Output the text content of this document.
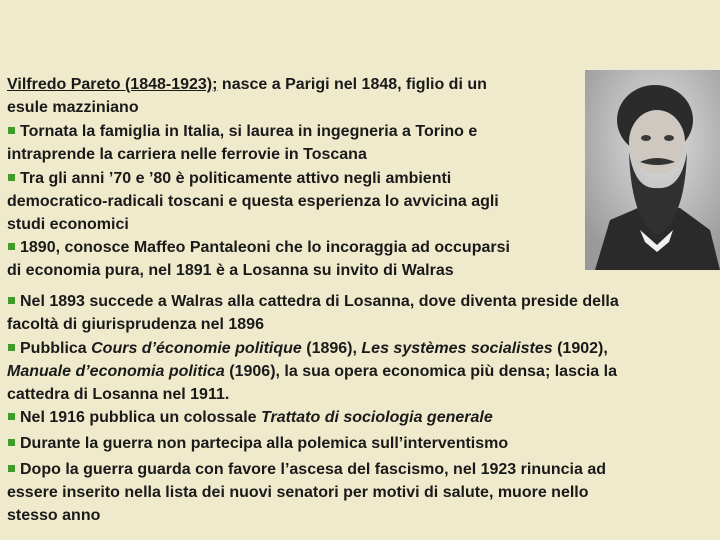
Vilfredo Pareto (1848-1923); nasce a Parigi nel 1848, figlio di un
esule mazziniano

Tornata la famiglia in Italia, si laurea in ingegneria a Torino e
intraprende la carriera nelle ferrovie in Toscana

Tra gli anni ’70 e ’80 è politicamente attivo negli ambienti
democratico-radicali toscani e questa esperienza lo avvicina agli
studi economici

1890, conosce Maffeo Pantaleoni che lo incoraggia ad occuparsi
di economia pura, nel 1891 è a Losanna su invito di Walras

Nel 1893 succede a Walras alla cattedra di Losanna, dove diventa preside della
facoltà di giurisprudenza nel 1896

Pubblica Cours d’économie politique (1896), Les systèmes socialistes (1902),
Manuale d’economia politica (1906), la sua opera economica più densa; lascia la
cattedra di Losanna nel 1911.

Nel 1916 pubblica un colossale Trattato di sociologia generale

Durante la guerra non partecipa alla polemica sull’interventismo

Dopo la guerra guarda con favore l’ascesa del fascismo, nel 1923 rinuncia ad
essere inserito nella lista dei nuovi senatori per motivi di salute, muore nello
stesso anno
